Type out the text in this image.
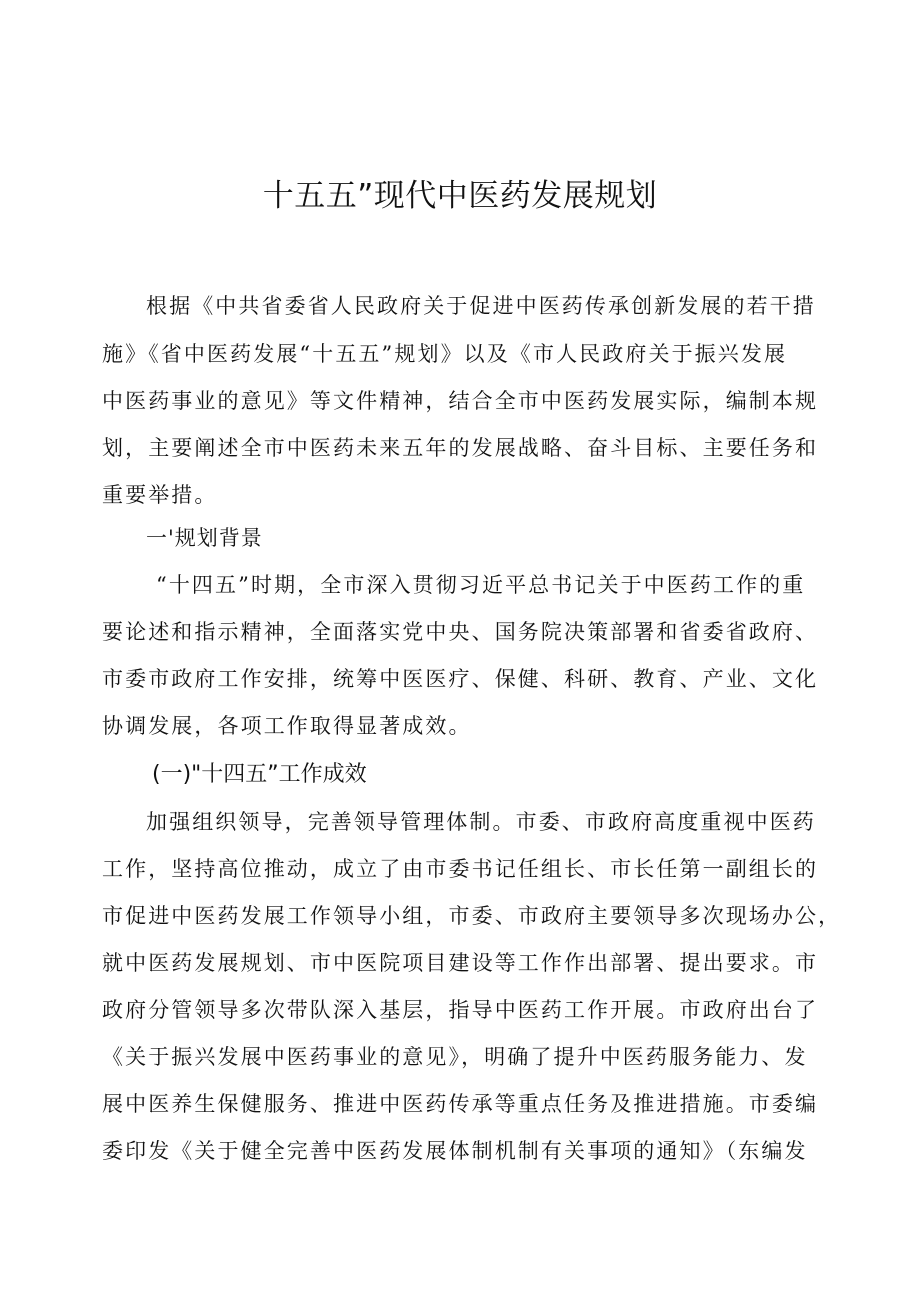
十五五”现代中医药发展规划
根据《中共省委省人民政府关于促进中医药传承创新发展的若干措
施》《省中医药发展“十五五”规划》以及《市人民政府关于振兴发展
中医药事业的意见》等文件精神，结合全市中医药发展实际，编制本规
划，主要阐述全市中医药未来五年的发展战略、奋斗目标、主要任务和
重要举措。
一'规划背景
“十四五”时期，全市深入贯彻习近平总书记关于中医药工作的重
要论述和指示精神，全面落实党中央、国务院决策部署和省委省政府、
市委市政府工作安排，统筹中医医疗、保健、科研、教育、产业、文化
协调发展，各项工作取得显著成效。
(一)"十四五”工作成效
加强组织领导，完善领导管理体制。市委、市政府高度重视中医药
工作，坚持高位推动，成立了由市委书记任组长、市长任第一副组长的
市促进中医药发展工作领导小组，市委、市政府主要领导多次现场办公，
就中医药发展规划、市中医院项目建设等工作作出部署、提出要求。市
政府分管领导多次带队深入基层，指导中医药工作开展。市政府出台了
《关于振兴发展中医药事业的意见》，明确了提升中医药服务能力、发
展中医养生保健服务、推进中医药传承等重点任务及推进措施。市委编
委印发《关于健全完善中医药发展体制机制有关事项的通知》（东编发
